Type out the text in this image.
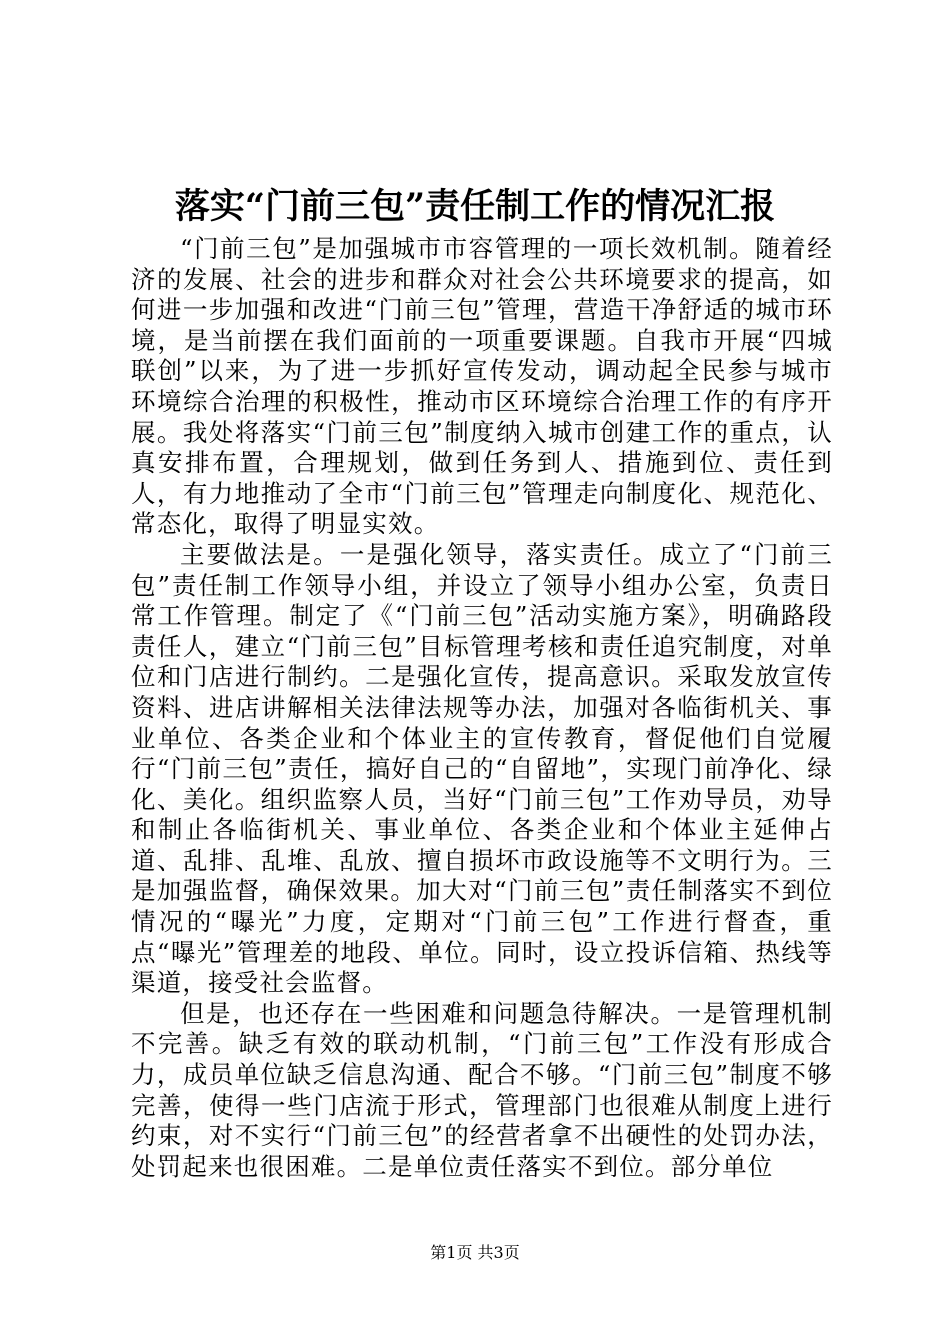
落实“门前三包”责任制工作的情况汇报

“门前三包”是加强城市市容管理的一项长效机制。随着经济的发展、社会的进步和群众对社会公共环境要求的提高，如何进一步加强和改进“门前三包”管理，营造干净舒适的城市环境，是当前摆在我们面前的一项重要课题。自我市开展“四城联创”以来，为了进一步抓好宣传发动，调动起全民参与城市环境综合治理的积极性，推动市区环境综合治理工作的有序开展。我处将落实“门前三包”制度纳入城市创建工作的重点，认真安排布置，合理规划，做到任务到人、措施到位、责任到人，有力地推动了全市“门前三包”管理走向制度化、规范化、常态化，取得了明显实效。

主要做法是。一是强化领导，落实责任。成立了“门前三包”责任制工作领导小组，并设立了领导小组办公室，负责日常工作管理。制定了《“门前三包”活动实施方案》，明确路段责任人，建立“门前三包”目标管理考核和责任追究制度，对单位和门店进行制约。二是强化宣传，提高意识。采取发放宣传资料、进店讲解相关法律法规等办法，加强对各临街机关、事业单位、各类企业和个体业主的宣传教育，督促他们自觉履行“门前三包”责任，搞好自己的“自留地”，实现门前净化、绿化、美化。组织监察人员，当好“门前三包”工作劝导员，劝导和制止各临街机关、事业单位、各类企业和个体业主延伸占道、乱排、乱堆、乱放、擅自损坏市政设施等不文明行为。三是加强监督，确保效果。加大对“门前三包”责任制落实不到位情况的“曝光”力度，定期对“门前三包”工作进行督查，重点“曝光”管理差的地段、单位。同时，设立投诉信箱、热线等渠道，接受社会监督。

但是，也还存在一些困难和问题急待解决。一是管理机制不完善。缺乏有效的联动机制，“门前三包”工作没有形成合力，成员单位缺乏信息沟通、配合不够。“门前三包”制度不够完善，使得一些门店流于形式，管理部门也很难从制度上进行约束，对不实行“门前三包”的经营者拿不出硬性的处罚办法，处罚起来也很困难。二是单位责任落实不到位。部分单位

第1页 共3页
